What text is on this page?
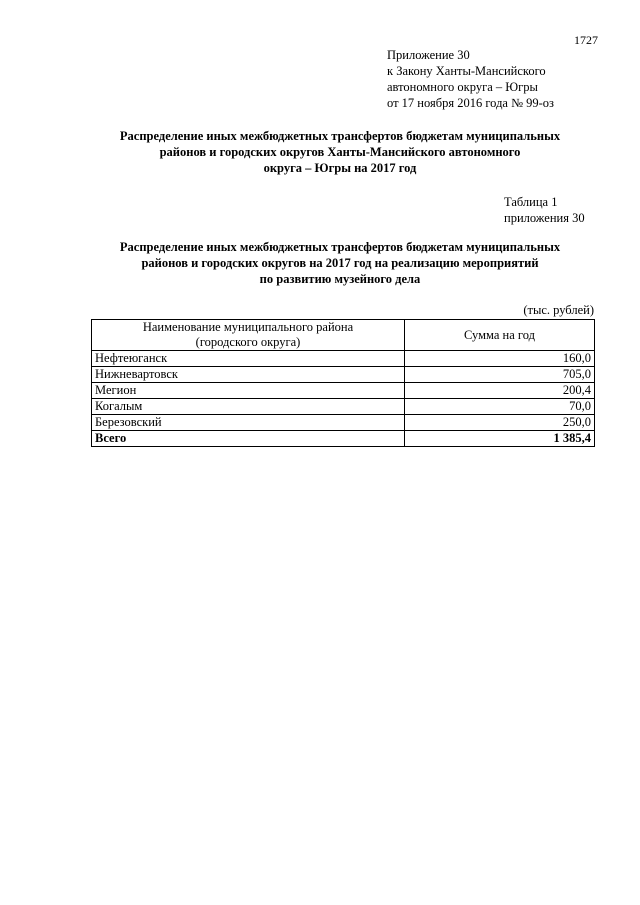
1727
Приложение 30
к Закону Ханты-Мансийского
автономного округа – Югры
от 17 ноября 2016 года № 99-оз
Распределение иных межбюджетных трансфертов бюджетам муниципальных
районов и городских округов Ханты-Мансийского автономного
округа – Югры на 2017 год
Таблица 1
приложения 30
Распределение иных межбюджетных трансфертов бюджетам муниципальных
районов и городских округов на 2017 год на реализацию мероприятий
по развитию музейного дела
(тыс. рублей)
Наименование муниципального района
(городского округа)	Сумма на год
Нефтеюганск	160,0
Нижневартовск	705,0
Мегион	200,4
Когалым	70,0
Березовский	250,0
Всего	1 385,4
